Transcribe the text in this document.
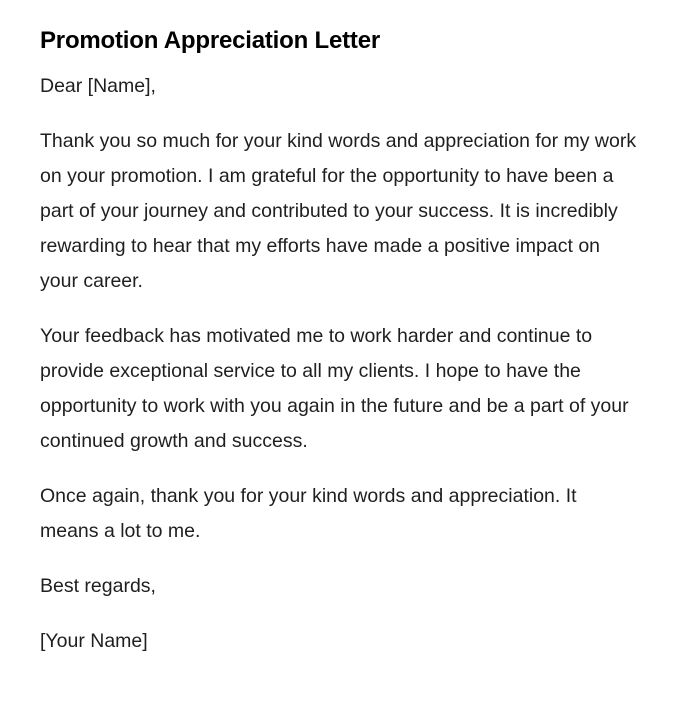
Promotion Appreciation Letter

Dear [Name],

Thank you so much for your kind words and appreciation for my work on your promotion. I am grateful for the opportunity to have been a part of your journey and contributed to your success. It is incredibly rewarding to hear that my efforts have made a positive impact on your career.

Your feedback has motivated me to work harder and continue to provide exceptional service to all my clients. I hope to have the opportunity to work with you again in the future and be a part of your continued growth and success.

Once again, thank you for your kind words and appreciation. It means a lot to me.

Best regards,

[Your Name]
